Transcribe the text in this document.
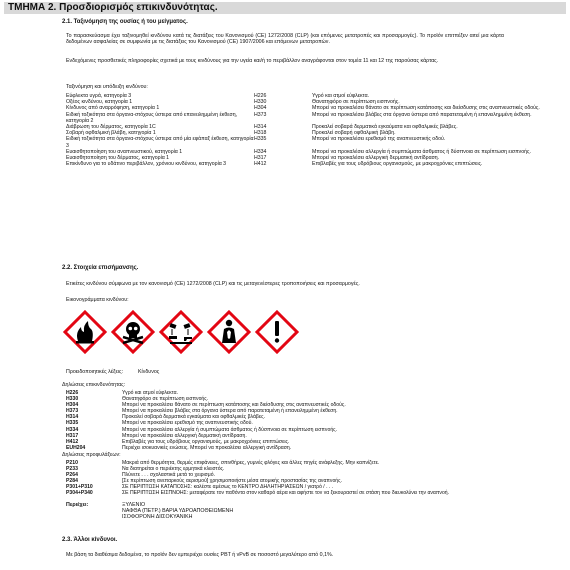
ΤΜΗΜΑ 2. Προσδιορισμός επικινδυνότητας.
2.1. Ταξινόμηση της ουσίας ή του μείγματος.
Το παρασκεύασμα έχει ταξινομηθεί κινδύνου κατά τις διατάξεις του Κανονισμού (CE) 1272/2008 (CLP) (και επόμενες μετατροπές και προσαρμογές). Το προϊόν επιτπέξεν αιτεί μια κάρτα δεδομένων ασφαλείας σε συμφωνία με τις διατάξεις του Κανονισμού (CE) 1907/2006 και επόμενων μετατροπών.
Ενδεχόμενες προσθετικές πληροφορίες σχετικά με τους κινδύνους για την υγεία και/ή το περιβάλλον αναγράφονται στον τομέα 11 και 12 της παρούσας κάρτας.
Ταξινόμηση και υπόδειξη κινδύνου:
Εύφλεκτα υγρά, κατηγορία 3	H226	Υγρό και ατμοί εύφλεκτα.
Οξέος κινδύνου, κατηγορία 1	H330	Θανατηφόρο σε περίπτωση εισπνοής.
Κίνδυνος από αναρρόφηση, κατηγορία 1	H304	Μπορεί να προκαλέσει θάνατο σε περίπτωση κατάποσης και διείσδυσης στις αναπνευστικές οδούς.
Ειδική τοξικότητα στα όργανα-στόχους ύστερα από επανειλημμένη έκθεση, κατηγορία 2
H373	Μπορεί να προκαλέσει βλάβες στα όργανα ύστερα από παρατεταμένη ή επανειλημμένη έκθεση.
Διάβρωση του δέρματος, κατηγορία 1C	H314	Προκαλεί σοβαρά δερματικά εγκαύματα και οφθαλμικές βλάβες.
Σοβαρή οφθαλμική βλάβη, κατηγορία 1	H318	Προκαλεί σοβαρή οφθαλμική βλάβη.
Ειδική τοξικότητα στα όργανα-στόχους ύστερα από μία εφάπαξ έκθεση, κατηγορία 3
H335	Μπορεί να προκαλέσει ερεθισμό της αναπνευστικής οδού.
Ευαισθητοποίηση του αναπνευστικού, κατηγορία 1	H334	Μπορεί να προκαλέσει αλλεργία ή συμπτώματα άσθματος ή δύσπνοια σε περίπτωση εισπνοής.
Ευαισθητοποίηση του δέρματος, κατηγορία 1	H317	Μπορεί να προκαλέσει αλλεργική δερματική αντίδραση.
Επικίνδυνο για το υδάτινο περιβάλλον, χρόνιου κινδύνου, κατηγορία 3	H412	Επιβλαβές για τους υδρόβιους οργανισμούς, με μακροχρόνιες επιπτώσεις.
2.2. Στοιχεία επισήμανσης.
Ετικέτες κινδύνου σύμφωνα με τον κανονισμό (CE) 1272/2008 (CLP) και τις μεταγενέστερες τροποποιήσεις και προσαρμογές.
Εικονογράμματα κινδύνου:
Προειδοποιητικές λέξεις:	Κίνδυνος
Δηλώσεις επικινδυνότητας:
H226	Υγρό και ατμοί εύφλεκτα.
H330	Θανατηφόρο σε περίπτωση εισπνοής.
H304	Μπορεί να προκαλέσει θάνατο σε περίπτωση κατάποσης και διείσδυσης στις αναπνευστικές οδούς.
H373	Μπορεί να προκαλέσει βλάβες στα όργανα ύστερα από παρατεταμένη ή επανειλημμένη έκθεση.
H314	Προκαλεί σοβαρά δερματικά εγκαύματα και οφθαλμικές βλάβες.
H335	Μπορεί να προκαλέσει ερεθισμό της αναπνευστικής οδού.
H334	Μπορεί να προκαλέσει αλλεργία ή συμπτώματα άσθματος ή δύσπνοια σε περίπτωση εισπνοής.
H317	Μπορεί να προκαλέσει αλλεργική δερματική αντίδραση.
H412	Επιβλαβές για τους υδρόβιους οργανισμούς, με μακροχρόνιες επιπτώσεις.
EUH204	Περιέχει ισοκυανικές ενώσεις. Μπορεί να προκαλέσει αλλεργική αντίδραση.
Δηλώσεις προφυλάξεων:
P210	Μακριά από θερμότητα, θερμές επιφάνειες, σπινθήρες, γυμνές φλόγες και άλλες πηγές ανάφλεξης. Μην καπνίζετε.
P233	Να διατηρείται ο περιέκτης ερμητικά κλειστός.
P264	Πλύνετε . . . σχολαστικά μετά το χειρισμό.
P284	[Σε περίπτωση ανεπαρκούς αερισμού] χρησιμοποιήστε μέσα ατομικής προστασίας της αναπνοής.
P301+P310	ΣΕ ΠΕΡΙΠΤΩΣΗ ΚΑΤΑΠΟΣΗΣ: καλέστε αμέσως το ΚΕΝΤΡΟ ΔΗΛΗΤΗΡΙΑΣΕΩΝ / γιατρό / . . .
P304+P340	ΣΕ ΠΕΡΙΠΤΩΣΗ ΕΙΣΠΝΟΗΣ: μεταφέρατε τον παθόντα στον καθαρό αέρα και αφήστε τον να ξεκουραστεί σε στάση που διευκολύνει την αναπνοή.
Περιέχει:	ΞΥΛΕΝΙΟ
ΝΑΦΘΑ (ΠΕΤΡ.) ΒΑΡΙΑ ΥΔΡΟΑΠΟΘΕΙΩΜΕΝΗ
ΙΣΟΦΟΡΟΝΗ ΔΙΙΣΟΚΥΑΝΙΚΗ
2.3. Άλλοι κίνδυνοι.
Με βάση τα διαθέσιμα δεδομένα, το προϊόν δεν εμπεριέχει ουσίες PBT ή vPvB σε ποσοστό μεγαλύτερο από 0,1%.
